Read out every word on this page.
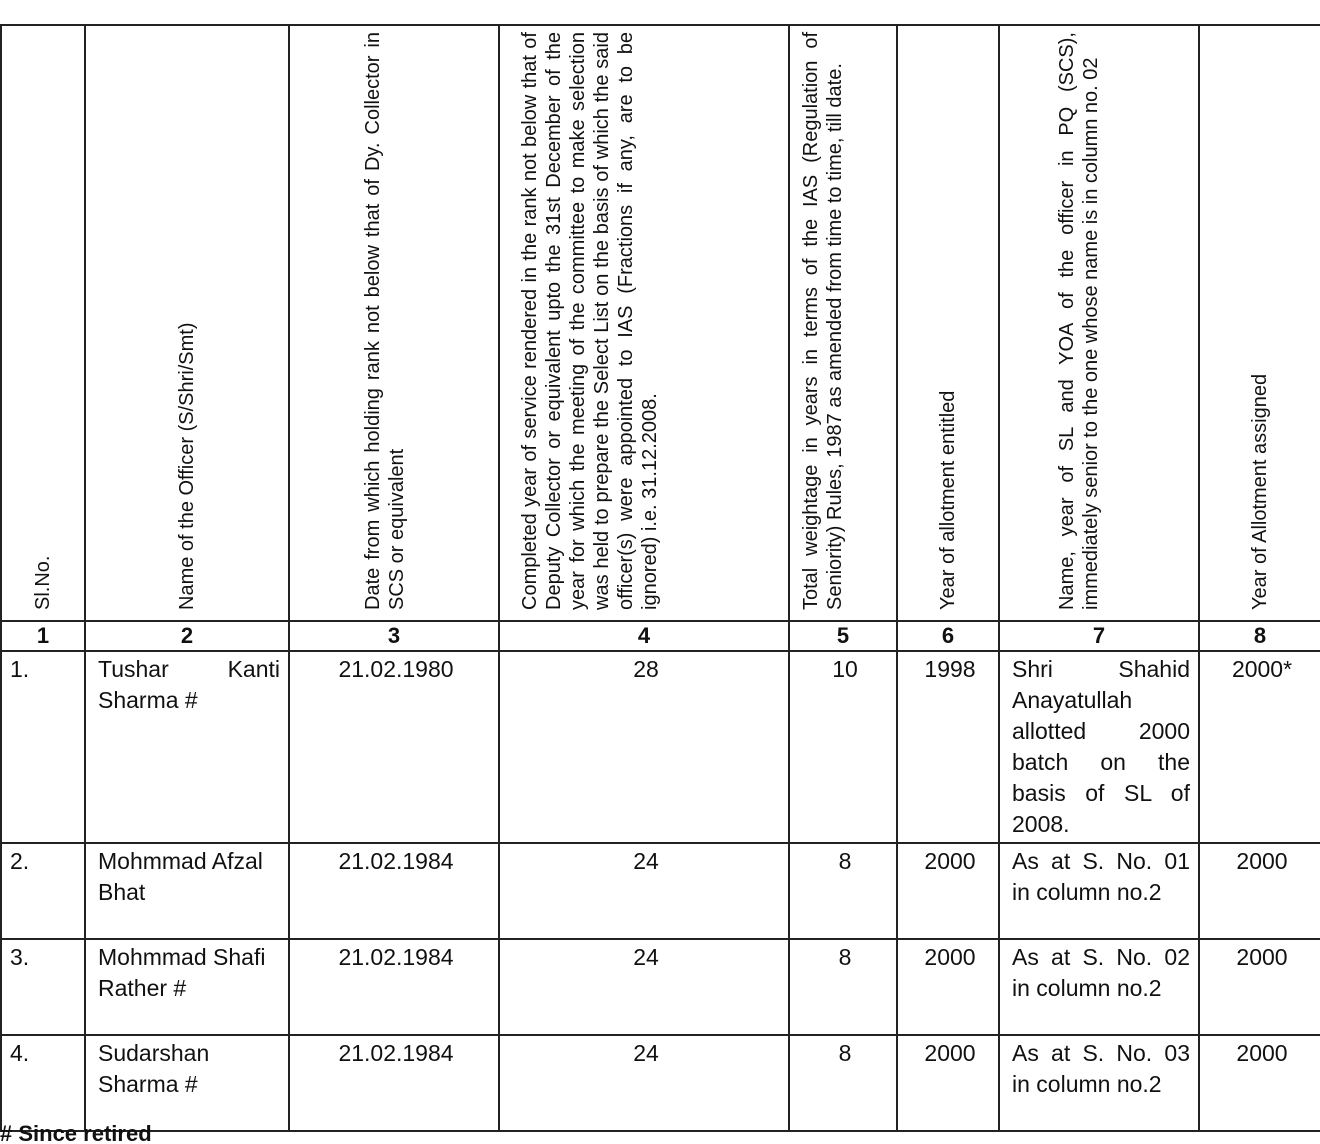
Sl.No.	Name of the Officer (S/Shri/Smt)	Date from which holding rank not below that of Dy. Collector in SCS or equivalent	Completed year of service rendered in the rank not below that of Deputy Collector or equivalent upto the 31st December of the year for which the meeting of the committee to make selection was held to prepare the Select List on the basis of which the said officer(s) were appointed to IAS (Fractions if any, are to be ignored) i.e. 31.12.2008.	Total weightage in years in terms of the IAS (Regulation of Seniority) Rules, 1987 as amended from time to time, till date.	Year of allotment entitled	Name, year of SL and YOA of the officer in PQ (SCS), immediately senior to the one whose name is in column no. 02	Year of Allotment assigned

1	2	3	4	5	6	7	8
1.	Tushar Kanti Sharma #	21.02.1980	28	10	1998	Shri Shahid Anayatullah allotted 2000 batch on the basis of SL of 2008.	2000*
2.	Mohmmad Afzal Bhat	21.02.1984	24	8	2000	As at S. No. 01 in column no.2	2000
3.	Mohmmad Shafi Rather #	21.02.1984	24	8	2000	As at S. No. 02 in column no.2	2000
4.	Sudarshan Sharma #	21.02.1984	24	8	2000	As at S. No. 03 in column no.2	2000
# Since retired
